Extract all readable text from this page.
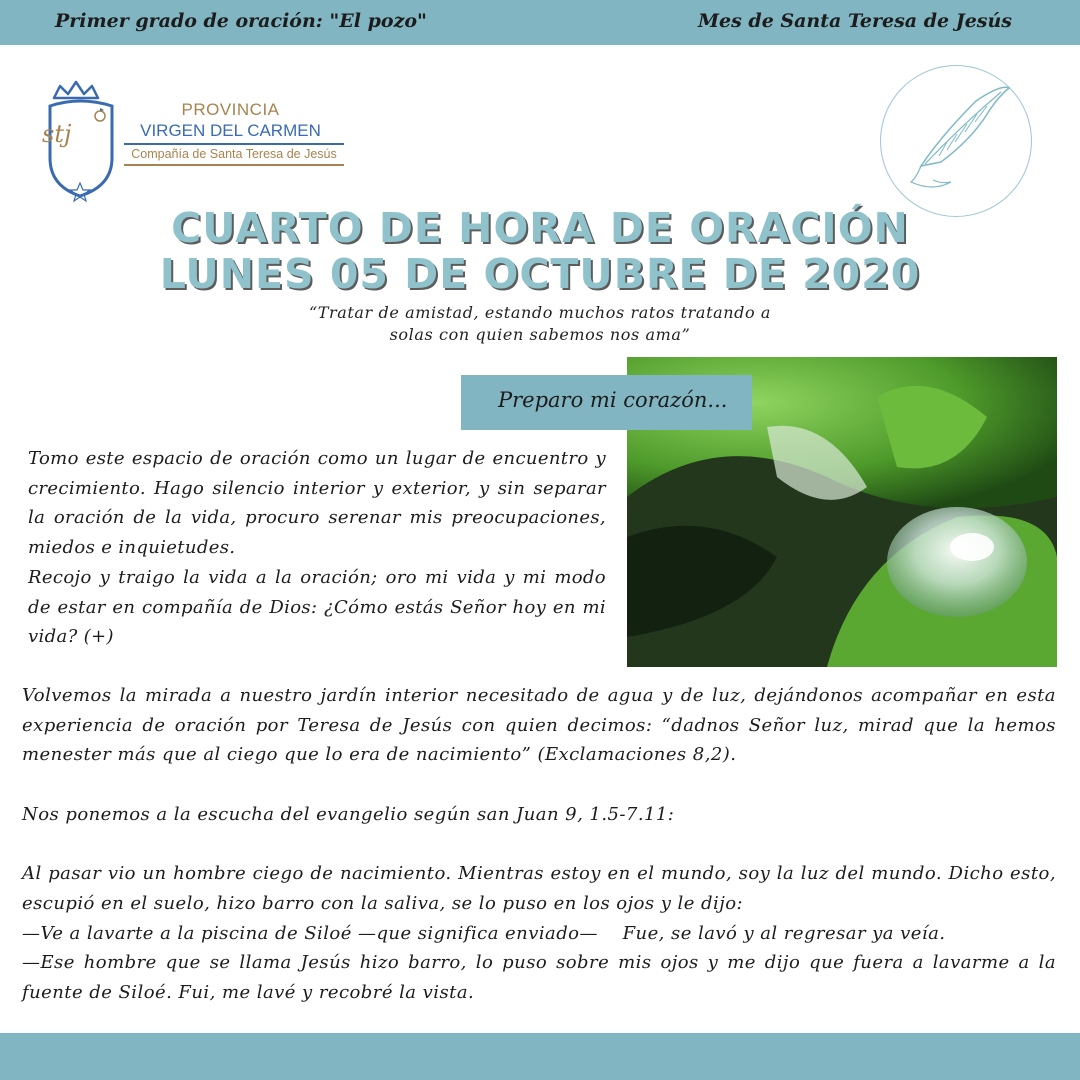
Primer grado de oración: "El pozo"	Mes de Santa Teresa de Jesús
stj
PROVINCIA
VIRGEN DEL CARMEN
Compañía de Santa Teresa de Jesús
CUARTO DE HORA DE ORACIÓN
LUNES 05 DE OCTUBRE DE 2020
“Tratar de amistad, estando muchos ratos tratando a
solas con quien sabemos nos ama”
Preparo mi corazón...

Tomo este espacio de oración como un lugar de encuentro y crecimiento. Hago silencio interior y exterior, y sin separar la oración de la vida, procuro serenar mis preocupaciones, miedos e inquietudes.

Recojo y traigo la vida a la oración; oro mi vida y mi modo de estar en compañía de Dios: ¿Cómo estás Señor hoy en mi vida? (+)

Volvemos la mirada a nuestro jardín interior necesitado de agua y de luz, dejándonos acompañar en esta experiencia de oración por Teresa de Jesús con quien decimos: “dadnos Señor luz, mirad que la hemos menester más que al ciego que lo era de nacimiento” (Exclamaciones 8,2).

Nos ponemos a la escucha del evangelio según san Juan 9, 1.5-7.11:

Al pasar vio un hombre ciego de nacimiento. Mientras estoy en el mundo, soy la luz del mundo. Dicho esto, escupió en el suelo, hizo barro con la saliva, se lo puso en los ojos y le dijo:

—Ve a lavarte a la piscina de Siloé —que significa enviado—    Fue, se lavó y al regresar ya veía.

—Ese hombre que se llama Jesús hizo barro, lo puso sobre mis ojos y me dijo que fuera a lavarme a la fuente de Siloé. Fui, me lavé y recobré la vista.
